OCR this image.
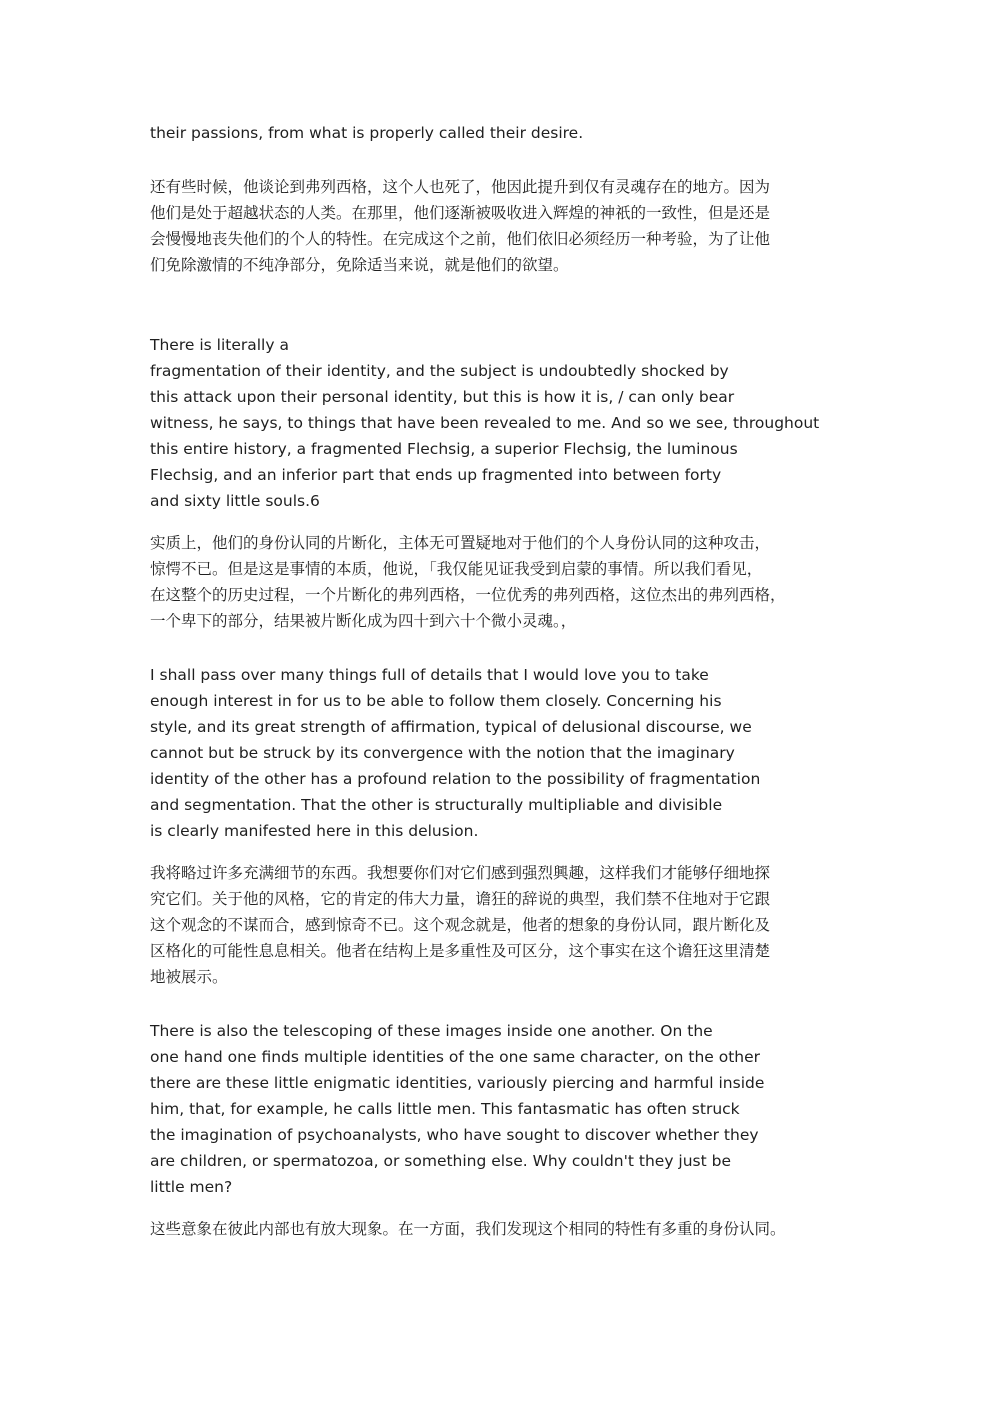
their passions, from what is properly called their desire.

还有些时候，他谈论到弗列西格，这个人也死了，他因此提升到仅有灵魂存在的地方。因为
他们是处于超越状态的人类。在那里，他们逐渐被吸收进入辉煌的神祇的一致性，但是还是
会慢慢地丧失他们的个人的特性。在完成这个之前，他们依旧必须经历一种考验，为了让他
们免除激情的不纯净部分，免除适当来说，就是他们的欲望。

There is literally a
fragmentation of their identity, and the subject is undoubtedly shocked by
this attack upon their personal identity, but this is how it is, / can only bear
witness, he says, to things that have been revealed to me. And so we see, throughout
this entire history, a fragmented Flechsig, a superior Flechsig, the luminous
Flechsig, and an inferior part that ends up fragmented into between forty
and sixty little souls.6

实质上，他们的身份认同的片断化，主体无可置疑地对于他们的个人身份认同的这种攻击，
惊愕不已。但是这是事情的本质，他说，「我仅能见证我受到启蒙的事情。所以我们看见，
在这整个的历史过程，一个片断化的弗列西格，一位优秀的弗列西格，这位杰出的弗列西格，
一个卑下的部分，结果被片断化成为四十到六十个微小灵魂。，

I shall pass over many things full of details that I would love you to take
enough interest in for us to be able to follow them closely. Concerning his
style, and its great strength of affirmation, typical of delusional discourse, we
cannot but be struck by its convergence with the notion that the imaginary
identity of the other has a profound relation to the possibility of fragmentation
and segmentation. That the other is structurally multipliable and divisible
is clearly manifested here in this delusion.

我将略过许多充满细节的东西。我想要你们对它们感到强烈興趣，这样我们才能够仔细地探
究它们。关于他的风格，它的肯定的伟大力量，谵狂的辞说的典型，我们禁不住地对于它跟
这个观念的不谋而合，感到惊奇不已。这个观念就是，他者的想象的身份认同，跟片断化及
区格化的可能性息息相关。他者在结构上是多重性及可区分，这个事实在这个谵狂这里清楚
地被展示。

There is also the telescoping of these images inside one another. On the
one hand one finds multiple identities of the one same character, on the other
there are these little enigmatic identities, variously piercing and harmful inside
him, that, for example, he calls little men. This fantasmatic has often struck
the imagination of psychoanalysts, who have sought to discover whether they
are children, or spermatozoa, or something else. Why couldn't they just be
little men?

这些意象在彼此内部也有放大现象。在一方面，我们发现这个相同的特性有多重的身份认同。
